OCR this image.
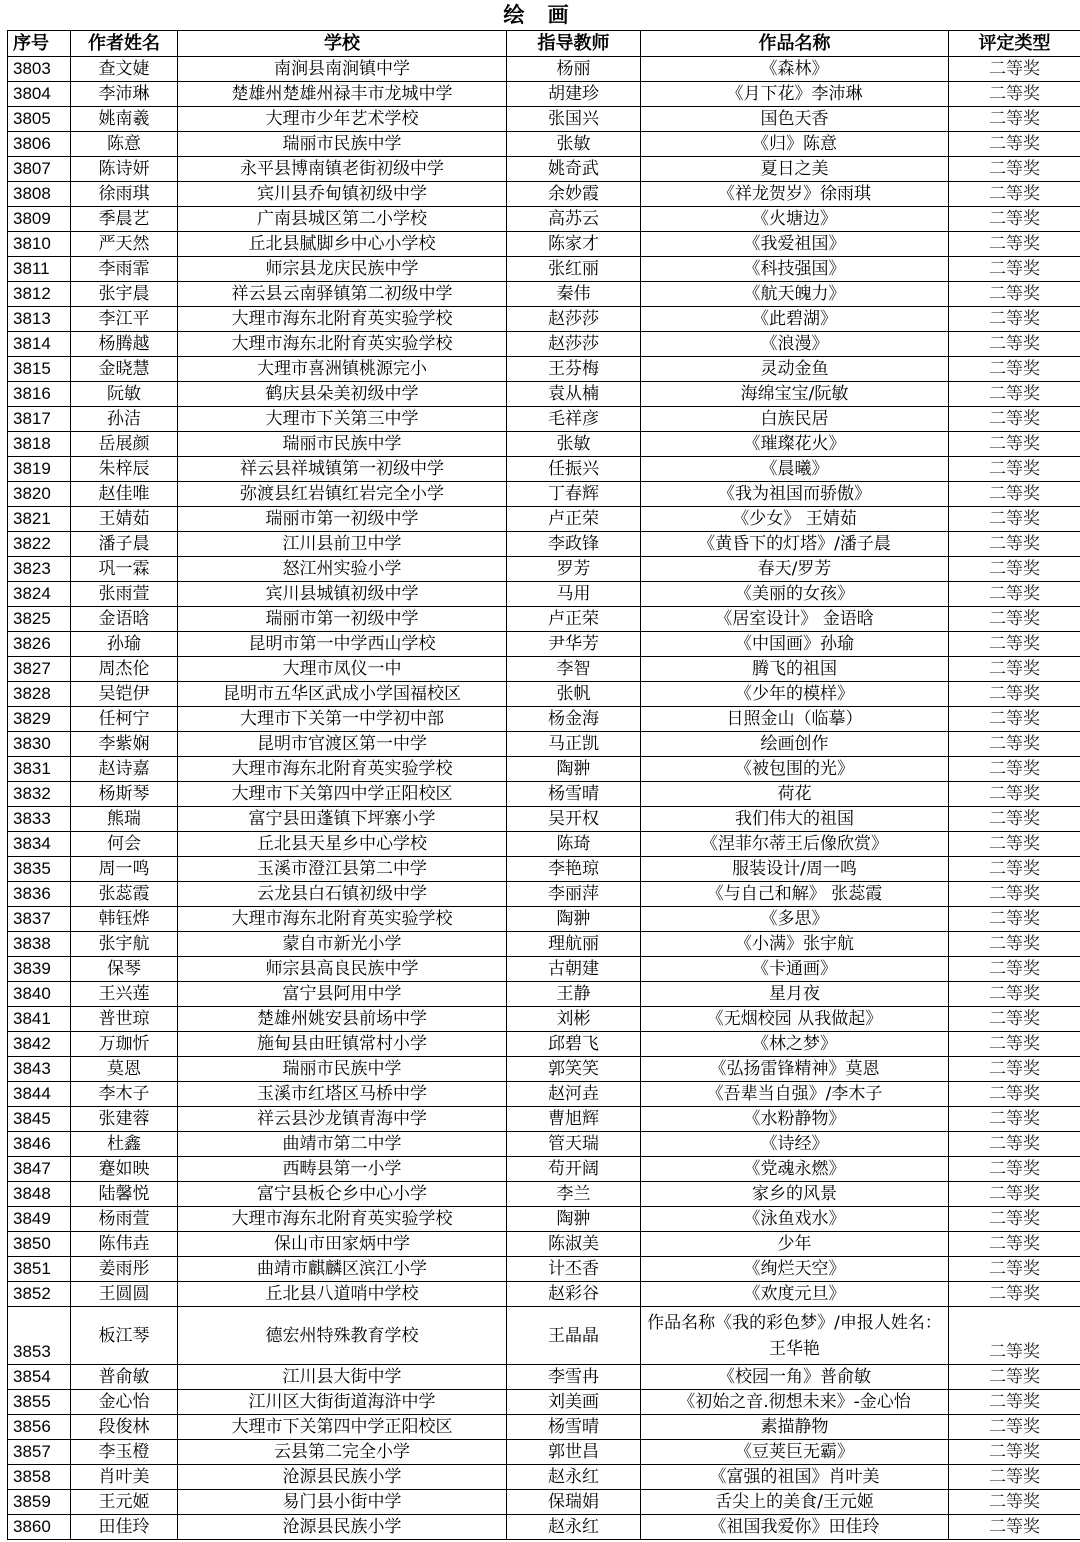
绘 画
序号	作者姓名	学校	指导教师	作品名称	评定类型
3803	查文婕	南涧县南涧镇中学	杨丽	《森林》	二等奖
3804	李沛琳	楚雄州楚雄州禄丰市龙城中学	胡建珍	《月下花》李沛琳	二等奖
3805	姚南羲	大理市少年艺术学校	张国兴	国色天香	二等奖
3806	陈意	瑞丽市民族中学	张敏	《归》陈意	二等奖
3807	陈诗妍	永平县博南镇老街初级中学	姚奇武	夏日之美	二等奖
3808	徐雨琪	宾川县乔甸镇初级中学	余妙霞	《祥龙贺岁》徐雨琪	二等奖
3809	季晨艺	广南县城区第二小学校	高苏云	《火塘边》	二等奖
3810	严天然	丘北县腻脚乡中心小学校	陈家才	《我爱祖国》	二等奖
3811	李雨霏	师宗县龙庆民族中学	张红丽	《科技强国》	二等奖
3812	张宇晨	祥云县云南驿镇第二初级中学	秦伟	《航天魄力》	二等奖
3813	李江平	大理市海东北附育英实验学校	赵莎莎	《此碧湖》	二等奖
3814	杨腾越	大理市海东北附育英实验学校	赵莎莎	《浪漫》	二等奖
3815	金晓慧	大理市喜洲镇桃源完小	王芬梅	灵动金鱼	二等奖
3816	阮敏	鹤庆县朵美初级中学	袁从楠	海绵宝宝/阮敏	二等奖
3817	孙洁	大理市下关第三中学	毛祥彦	白族民居	二等奖
3818	岳展颜	瑞丽市民族中学	张敏	《璀璨花火》	二等奖
3819	朱梓辰	祥云县祥城镇第一初级中学	任振兴	《晨曦》	二等奖
3820	赵佳唯	弥渡县红岩镇红岩完全小学	丁春辉	《我为祖国而骄傲》	二等奖
3821	王婧茹	瑞丽市第一初级中学	卢正荣	《少女》 王婧茹	二等奖
3822	潘子晨	江川县前卫中学	李政锋	《黄昏下的灯塔》/潘子晨	二等奖
3823	巩一霖	怒江州实验小学	罗芳	春天/罗芳	二等奖
3824	张雨萱	宾川县城镇初级中学	马用	《美丽的女孩》	二等奖
3825	金语晗	瑞丽市第一初级中学	卢正荣	《居室设计》 金语晗	二等奖
3826	孙瑜	昆明市第一中学西山学校	尹华芳	《中国画》孙瑜	二等奖
3827	周杰伦	大理市凤仪一中	李智	腾飞的祖国	二等奖
3828	吴铠伊	昆明市五华区武成小学国福校区	张帆	《少年的模样》	二等奖
3829	任柯宁	大理市下关第一中学初中部	杨金海	日照金山（临摹）	二等奖
3830	李紫娴	昆明市官渡区第一中学	马正凯	绘画创作	二等奖
3831	赵诗嘉	大理市海东北附育英实验学校	陶翀	《被包围的光》	二等奖
3832	杨斯琴	大理市下关第四中学正阳校区	杨雪晴	荷花	二等奖
3833	熊瑞	富宁县田蓬镇下坪寨小学	吴开权	我们伟大的祖国	二等奖
3834	何会	丘北县天星乡中心学校	陈琦	《涅菲尔蒂王后像欣赏》	二等奖
3835	周一鸣	玉溪市澄江县第二中学	李艳琼	服装设计/周一鸣	二等奖
3836	张蕊霞	云龙县白石镇初级中学	李丽萍	《与自己和解》 张蕊霞	二等奖
3837	韩钰烨	大理市海东北附育英实验学校	陶翀	《多思》	二等奖
3838	张宇航	蒙自市新光小学	理航丽	《小满》张宇航	二等奖
3839	保琴	师宗县高良民族中学	古朝建	《卡通画》	二等奖
3840	王兴莲	富宁县阿用中学	王静	星月夜	二等奖
3841	普世琼	楚雄州姚安县前场中学	刘彬	《无烟校园 从我做起》	二等奖
3842	万珈忻	施甸县由旺镇常村小学	邱碧飞	《林之梦》	二等奖
3843	莫恩	瑞丽市民族中学	郭笑笑	《弘扬雷锋精神》莫恩	二等奖
3844	李木子	玉溪市红塔区马桥中学	赵河垚	《吾辈当自强》/李木子	二等奖
3845	张建蓉	祥云县沙龙镇青海中学	曹旭辉	《水粉静物》	二等奖
3846	杜鑫	曲靖市第二中学	管天瑞	《诗经》	二等奖
3847	蹇如映	西畴县第一小学	苟开阔	《党魂永燃》	二等奖
3848	陆馨悦	富宁县板仑乡中心小学	李兰	家乡的风景	二等奖
3849	杨雨萱	大理市海东北附育英实验学校	陶翀	《泳鱼戏水》	二等奖
3850	陈伟垚	保山市田家炳中学	陈淑美	少年	二等奖
3851	姜雨彤	曲靖市麒麟区滨江小学	计丕香	《绚烂天空》	二等奖
3852	王圆圆	丘北县八道哨中学校	赵彩谷	《欢度元旦》	二等奖
3853	板江琴	德宏州特殊教育学校	王晶晶	作品名称《我的彩色梦》/申报人姓名：王华艳	二等奖
3854	普俞敏	江川县大街中学	李雪冉	《校园一角》普俞敏	二等奖
3855	金心怡	江川区大街街道海浒中学	刘美画	《初始之音.彻想未来》-金心怡	二等奖
3856	段俊林	大理市下关第四中学正阳校区	杨雪晴	素描静物	二等奖
3857	李玉橙	云县第二完全小学	郭世昌	《豆荚巨无霸》	二等奖
3858	肖叶美	沧源县民族小学	赵永红	《富强的祖国》肖叶美	二等奖
3859	王元姬	易门县小街中学	保瑞娟	舌尖上的美食/王元姬	二等奖
3860	田佳玲	沧源县民族小学	赵永红	《祖国我爱你》田佳玲	二等奖
